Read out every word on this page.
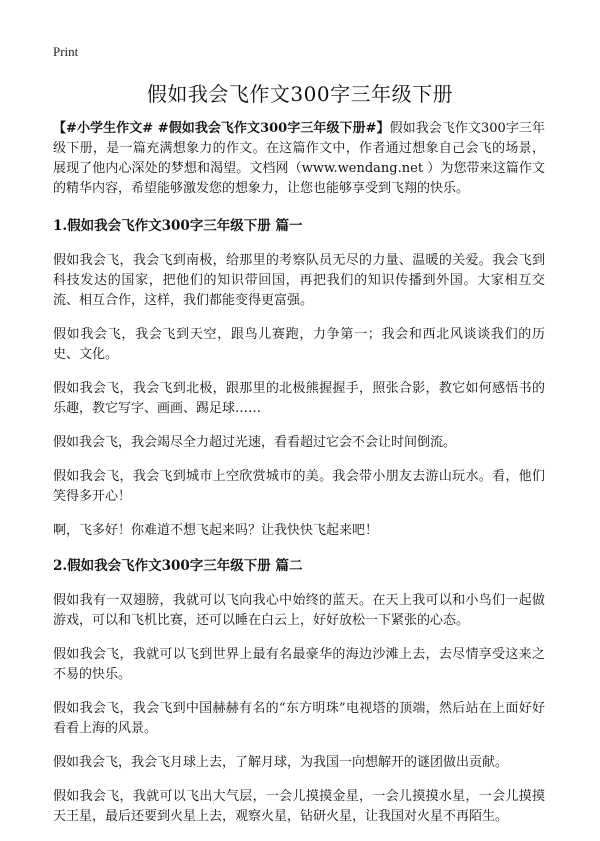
Print
假如我会飞作文300字三年级下册

【#小学生作文# #假如我会飞作文300字三年级下册#】假如我会飞作文300字三年级下册，是一篇充满想象力的作文。在这篇作文中，作者通过想象自己会飞的场景，展现了他内心深处的梦想和渴望。文档网（www.wendang.net ）为您带来这篇作文的精华内容，希望能够激发您的想象力，让您也能够享受到飞翔的快乐。

1.假如我会飞作文300字三年级下册 篇一

假如我会飞，我会飞到南极，给那里的考察队员无尽的力量、温暖的关爱。我会飞到科技发达的国家，把他们的知识带回国，再把我们的知识传播到外国。大家相互交流、相互合作，这样，我们都能变得更富强。

假如我会飞，我会飞到天空，跟鸟儿赛跑，力争第一；我会和西北风谈谈我们的历史、文化。

假如我会飞，我会飞到北极，跟那里的北极熊握握手，照张合影，教它如何感悟书的乐趣，教它写字、画画、踢足球……

假如我会飞，我会竭尽全力超过光速，看看超过它会不会让时间倒流。

假如我会飞，我会飞到城市上空欣赏城市的美。我会带小朋友去游山玩水。看，他们笑得多开心！

啊，飞多好！你难道不想飞起来吗？让我快快飞起来吧！

2.假如我会飞作文300字三年级下册 篇二

假如我有一双翅膀，我就可以飞向我心中始终的蓝天。在天上我可以和小鸟们一起做游戏，可以和飞机比赛，还可以睡在白云上，好好放松一下紧张的心态。

假如我会飞，我就可以飞到世界上最有名最豪华的海边沙滩上去，去尽情享受这来之不易的快乐。

假如我会飞，我会飞到中国赫赫有名的“东方明珠”电视塔的顶端，然后站在上面好好看看上海的风景。

假如我会飞，我会飞月球上去，了解月球，为我国一向想解开的谜团做出贡献。

假如我会飞，我就可以飞出大气层，一会儿摸摸金星，一会儿摸摸水星，一会儿摸摸天王星，最后还要到火星上去，观察火星，钻研火星，让我国对火星不再陌生。
